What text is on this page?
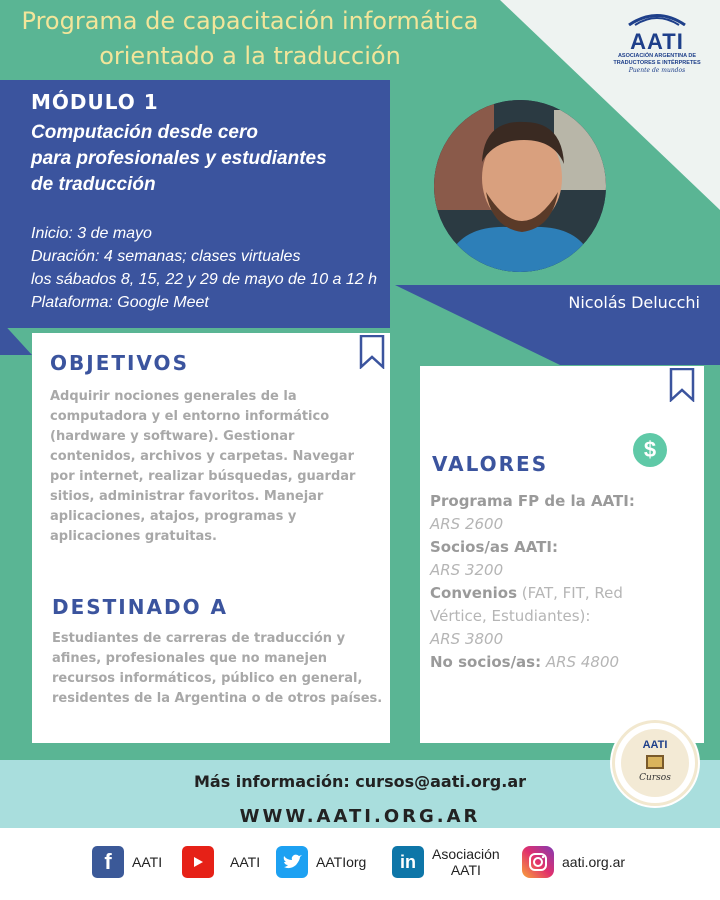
Programa de capacitación informática
orientado a la traducción
AATI
ASOCIACIÓN ARGENTINA DE
TRADUCTORES E INTÉRPRETES
Puente de mundos
MÓDULO 1
Computación desde cero
para profesionales y estudiantes
de traducción
Inicio: 3 de mayo
Duración: 4 semanas; clases virtuales
los sábados 8, 15, 22 y 29 de mayo de 10 a 12 h
Plataforma: Google Meet	Nicolás Delucchi
OBJETIVOS
Adquirir nociones generales de la
computadora y el entorno informático
(hardware y software). Gestionar
contenidos, archivos y carpetas. Navegar
por internet, realizar búsquedas, guardar
sitios, administrar favoritos. Manejar
aplicaciones, atajos, programas y
aplicaciones gratuitas.
DESTINADO A
Estudiantes de carreras de traducción y
afines, profesionales que no manejen
recursos informáticos, público en general,
residentes de la Argentina o de otros países.
VALORES
Programa FP de la AATI:
ARS 2600
Socios/as AATI:
ARS 3200
Convenios (FAT, FIT, Red
Vértice, Estudiantes):
ARS 3800
No socios/as: ARS 4800
$
Más información: cursos@aati.org.ar
WWW.AATI.ORG.AR
AATI
Cursos
f	AATI	AATI	AATIorg	in	Asociación
AATI	aati.org.ar
